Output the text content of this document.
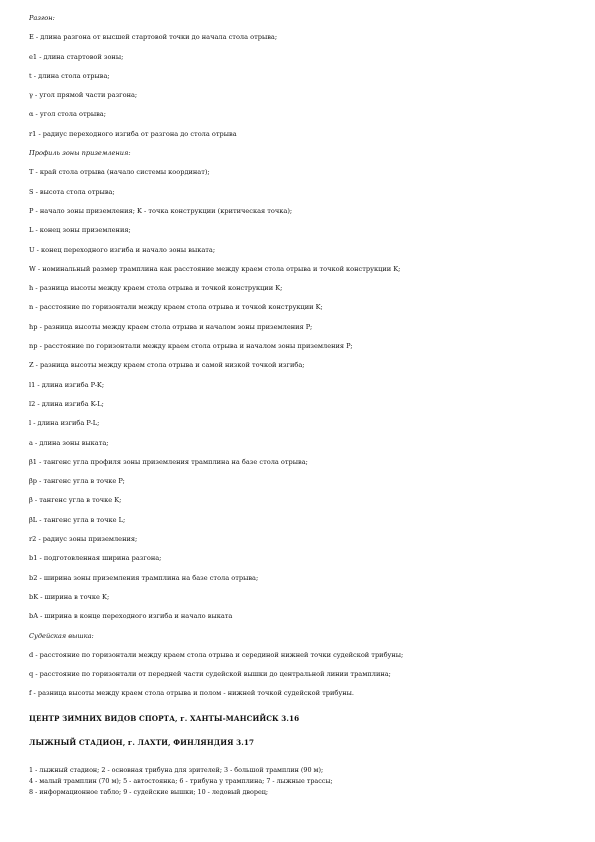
Разгон:
E - длина разгона от высшей стартовой точки до начала стола отрыва;
e1 - длина стартовой зоны;
t - длина стола отрыва;
γ - угол прямой части разгона;
α - угол стола отрыва;
r1 - радиус переходного изгиба от разгона до стола отрыва
Профиль зоны приземления:
T - край стола отрыва (начало системы координат);
S - высота стола отрыва;
P - начало зоны приземления; K - точка конструкции (критическая точка);
L - конец зоны приземления;
U - конец переходного изгиба и начало зоны выката;
W - номинальный размер трамплина как расстояние между краем стола отрыва и точкой конструкции K;
h - разница высоты между краем стола отрыва и точкой конструкции K;
n - расстояние по горизонтали между краем стола отрыва и точкой конструкции K;
hp - разница высоты между краем стола отрыва и началом зоны приземления P;
np - расстояние по горизонтали между краем стола отрыва и началом зоны приземления P;
Z - разница высоты между краем стола отрыва и самой низкой точкой изгиба;
l1 - длина изгиба P-K;
l2 - длина изгиба K-L;
l - длина изгиба P-L;
a - длина зоны выката;
β1 - тангенс угла профиля зоны приземления трамплина на базе стола отрыва;
βp - тангенс угла в точке P;
β - тангенс угла в точке K;
βL - тангенс угла в точке L;
r2 - радиус зоны приземления;
b1 - подготовленная ширина разгона;
b2 - ширина зоны приземления трамплина на базе стола отрыва;
bK - ширина в точке K;
bA - ширина в конце переходного изгиба и начало выката
Судейская вышка:
d - расстояние по горизонтали между краем стола отрыва и серединой нижней точки судейской трибуны;
q - расстояние по горизонтали от передней части судейской вышки до центральной линии трамплина;
f - разница высоты между краем стола отрыва и полом - нижней точкой судейской трибуны.
ЦЕНТР ЗИМНИХ ВИДОВ СПОРТА, г. ХАНТЫ-МАНСИЙСК 3.16
ЛЫЖНЫЙ СТАДИОН, г. ЛАХТИ, ФИНЛЯНДИЯ 3.17
1 - лыжный стадион; 2 - основная трибуна для зрителей; 3 - большой трамплин (90 м);
4 - малый трамплин (70 м); 5 - автостоянка; 6 - трибуна у трамплина; 7 - лыжные трассы;
8 - информационное табло; 9 - судейские вышки; 10 - ледовый дворец;
